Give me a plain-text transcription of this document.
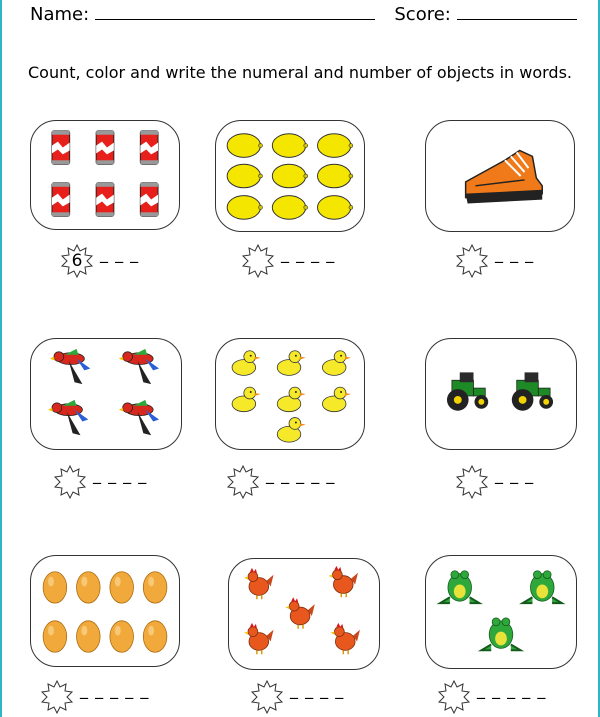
Name:	Score:
Count, color and write the numeral and number of objects in words.
6	_ _ _	_ _ _ _	_ _ _
_ _ _ _	_ _ _ _ _	_ _ _
_ _ _ _ _	_ _ _ _	_ _ _ _ _
